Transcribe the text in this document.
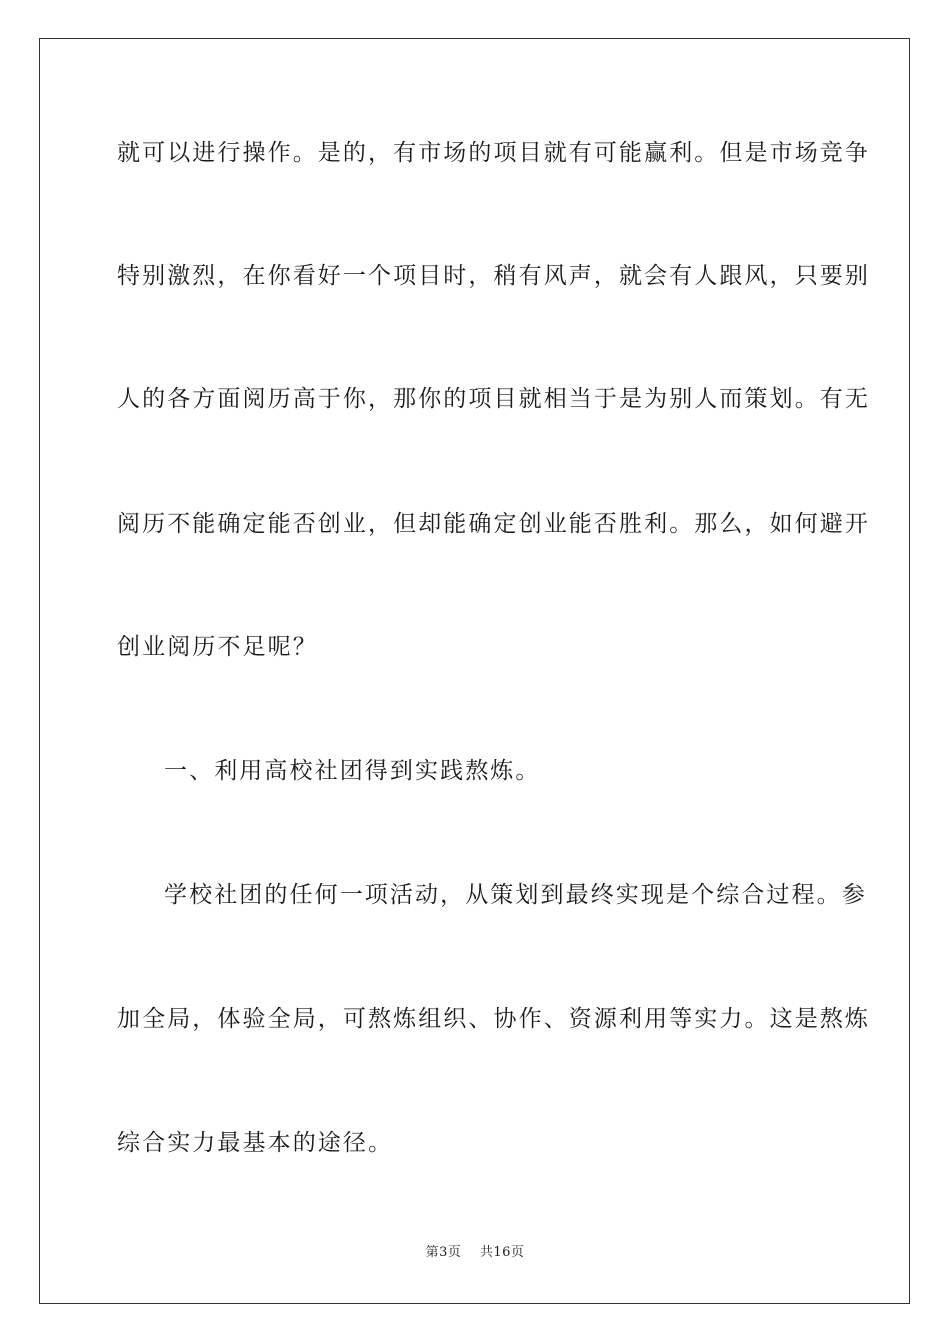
就可以进行操作。是的，有市场的项目就有可能赢利。但是市场竞争
特别激烈，在你看好一个项目时，稍有风声，就会有人跟风，只要别
人的各方面阅历高于你，那你的项目就相当于是为别人而策划。有无
阅历不能确定能否创业，但却能确定创业能否胜利。那么，如何避开
创业阅历不足呢？
一、利用高校社团得到实践熬炼。
学校社团的任何一项活动，从策划到最终实现是个综合过程。参
加全局，体验全局，可熬炼组织、协作、资源利用等实力。这是熬炼
综合实力最基本的途径。
第3页 共16页
